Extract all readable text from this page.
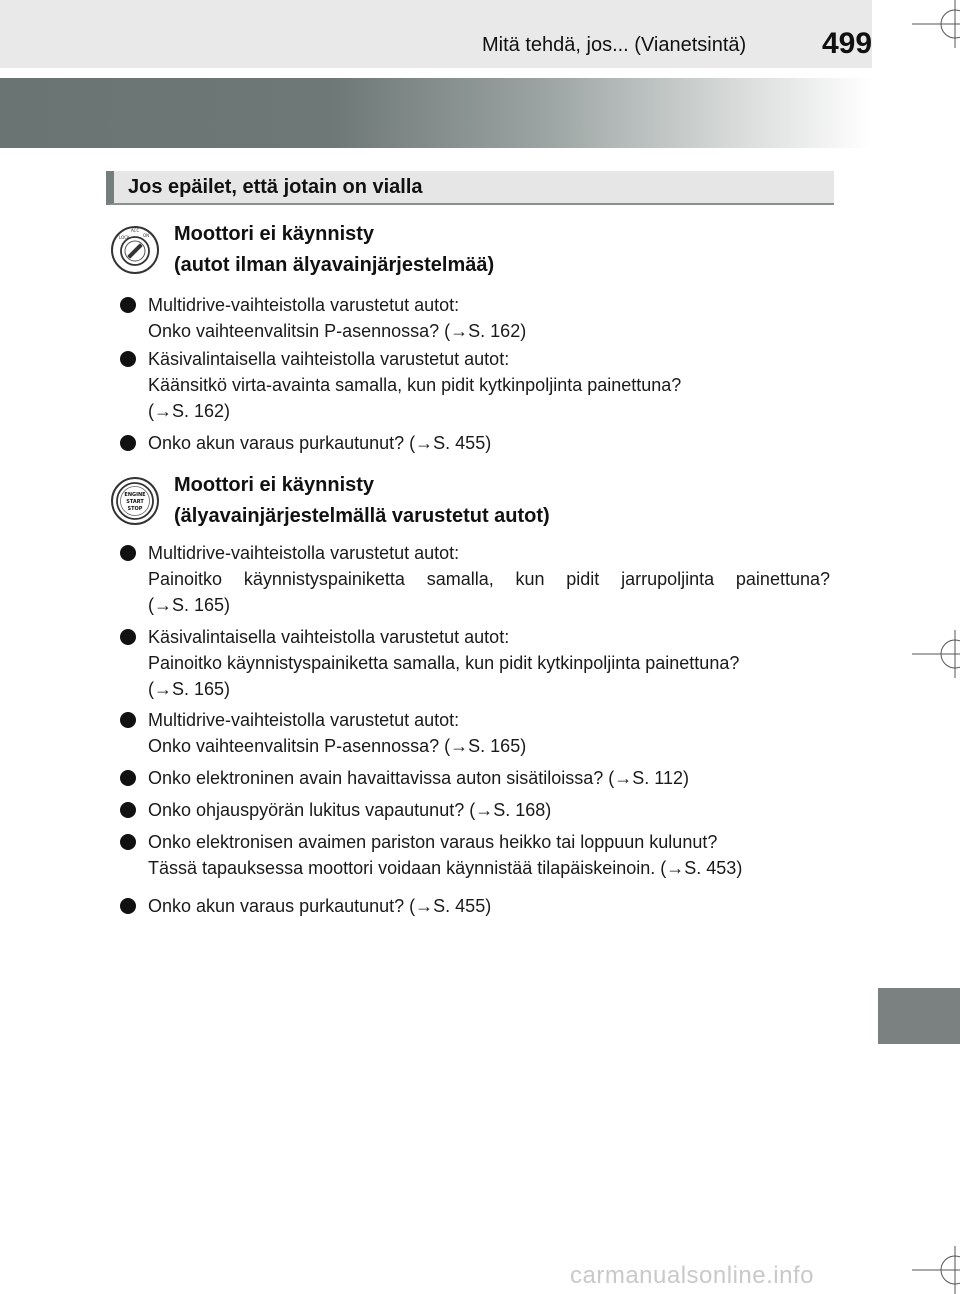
Mitä tehdä, jos... (Vianetsintä)	499
Jos epäilet, että jotain on vialla
LOCK
ACC
ON Moottori ei käynnisty
(autot ilman älyavainjärjestelmää)
Multidrive-vaihteistolla varustetut autot:
Onko vaihteenvalitsin P-asennossa? (→S. 162)
Käsivalintaisella vaihteistolla varustetut autot:
Käänsitkö virta-avainta samalla, kun pidit kytkinpoljinta painettuna?
(→S. 162)
Onko akun varaus purkautunut? (→S. 455)
ENGINE
START
STOP
Moottori ei käynnisty
(älyavainjärjestelmällä varustetut autot)
Multidrive-vaihteistolla varustetut autot:
Painoitko käynnistyspainiketta samalla, kun pidit jarrupoljinta painettuna?
(→S. 165)
Käsivalintaisella vaihteistolla varustetut autot:
Painoitko käynnistyspainiketta samalla, kun pidit kytkinpoljinta painettuna?
(→S. 165)
Multidrive-vaihteistolla varustetut autot:
Onko vaihteenvalitsin P-asennossa? (→S. 165)
Onko elektroninen avain havaittavissa auton sisätiloissa? (→S. 112)
Onko ohjauspyörän lukitus vapautunut? (→S. 168)
Onko elektronisen avaimen pariston varaus heikko tai loppuun kulunut?
Tässä tapauksessa moottori voidaan käynnistää tilapäiskeinoin. (→S. 453)
Onko akun varaus purkautunut? (→S. 455)
carmanualsonline.info
